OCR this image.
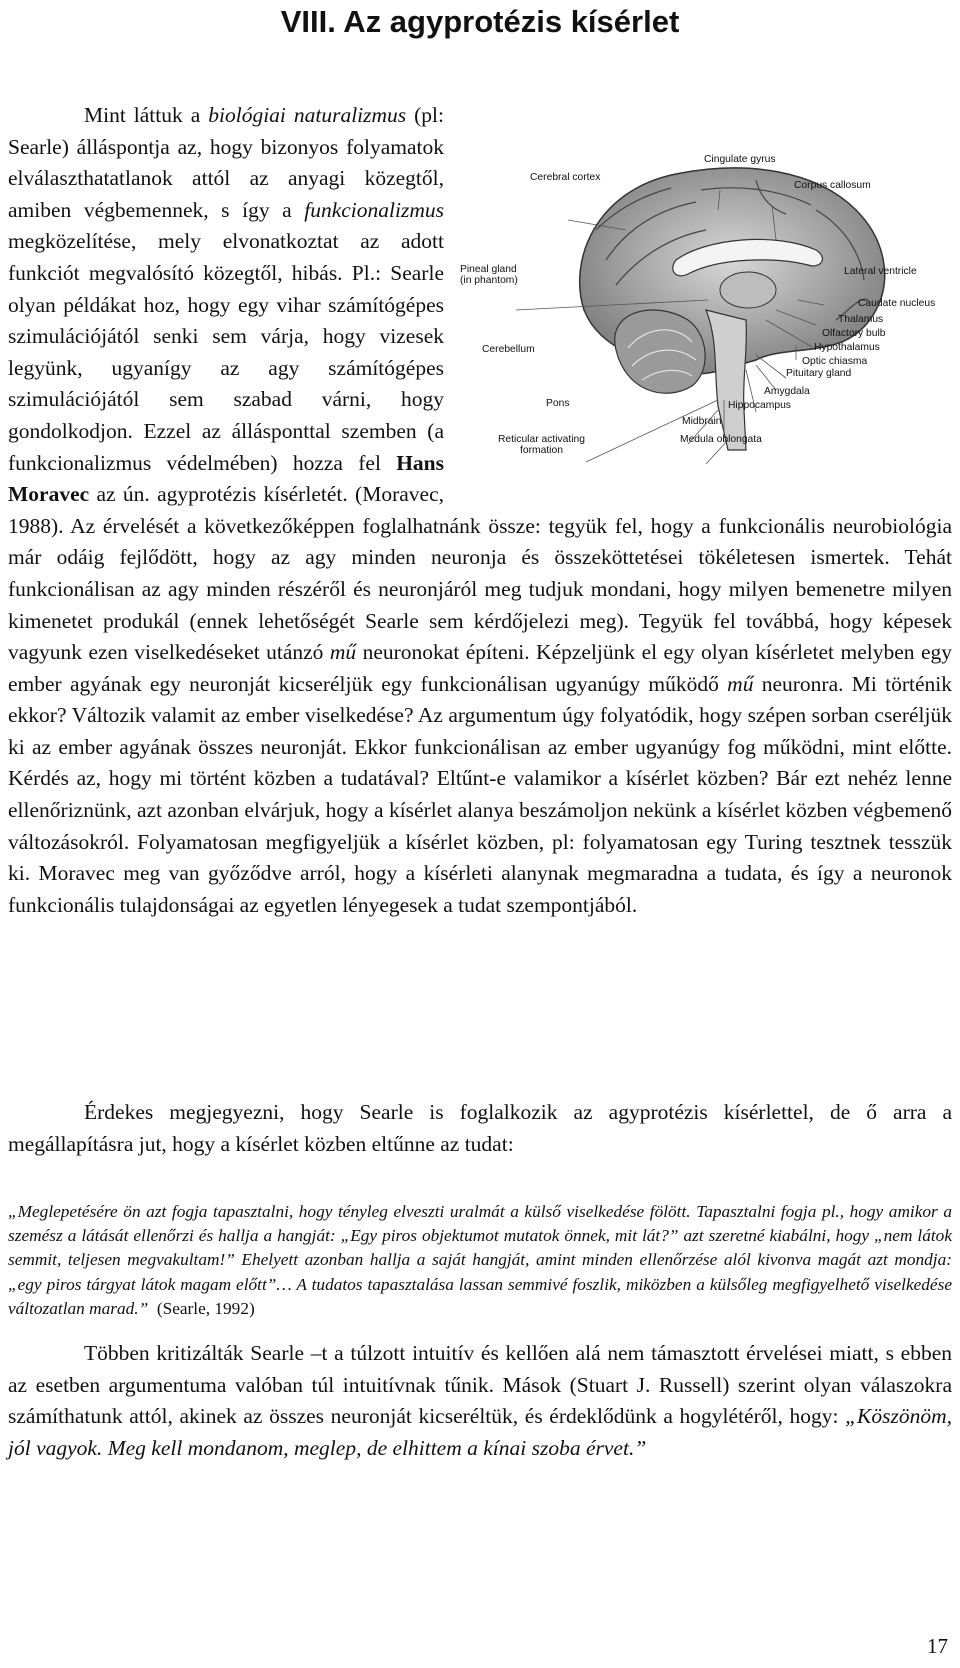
VIII. Az agyprotézis kísérlet
Cingulate gyrus
Cerebral cortex
Corpus callosum
Lateral ventricle
Pineal gland
(in phantom)
Caudate nucleus
Thalamus
Olfactory bulb
Cerebellum	Hypothalamus
Optic chiasma
Pituitary gland
Amygdala
Pons	Hippocampus
Midbrain
Reticular activating
formation
Medula oblongata
Mint láttuk a biológiai naturalizmus (pl: Searle) álláspontja az, hogy bizonyos folyamatok elválaszthatatlanok attól az anyagi közegtől, amiben végbemennek, s így a funkcionalizmus megközelítése, mely elvonatkoztat az adott funkciót megvalósító közegtől, hibás. Pl.: Searle olyan példákat hoz, hogy egy vihar számítógépes szimulációjától senki sem várja, hogy vizesek legyünk, ugyanígy az agy számítógépes szimulációjától sem szabad várni, hogy gondolkodjon. Ezzel az állásponttal szemben (a funkcionalizmus védelmében) hozza fel Hans Moravec az ún. agyprotézis kísérletét. (Moravec, 1988). Az érvelését a következőképpen foglalhatnánk össze: tegyük fel, hogy a funkcionális neurobiológia már odáig fejlődött, hogy az agy minden neuronja és összeköttetései tökéletesen ismertek. Tehát funkcionálisan az agy minden részéről és neuronjáról meg tudjuk mondani, hogy milyen bemenetre milyen kimenetet produkál (ennek lehetőségét Searle sem kérdőjelezi meg). Tegyük fel továbbá, hogy képesek vagyunk ezen viselkedéseket utánzó mű neuronokat építeni. Képzeljünk el egy olyan kísérletet melyben egy ember agyának egy neuronját kicseréljük egy funkcionálisan ugyanúgy működő mű neuronra. Mi történik ekkor? Változik valamit az ember viselkedése? Az argumentum úgy folyatódik, hogy szépen sorban cseréljük ki az ember agyának összes neuronját. Ekkor funkcionálisan az ember ugyanúgy fog működni, mint előtte. Kérdés az, hogy mi történt közben a tudatával? Eltűnt-e valamikor a kísérlet közben? Bár ezt nehéz lenne ellenőriznünk, azt azonban elvárjuk, hogy a kísérlet alanya beszámoljon nekünk a kísérlet közben végbemenő változásokról. Folyamatosan megfigyeljük a kísérlet közben, pl: folyamatosan egy Turing tesztnek tesszük ki. Moravec meg van győződve arról, hogy a kísérleti alanynak megmaradna a tudata, és így a neuronok funkcionális tulajdonságai az egyetlen lényegesek a tudat szempontjából.

Érdekes megjegyezni, hogy Searle is foglalkozik az agyprotézis kísérlettel, de ő arra a megállapításra jut, hogy a kísérlet közben eltűnne az tudat:

„Meglepetésére ön azt fogja tapasztalni, hogy tényleg elveszti uralmát a külső viselkedése fölött. Tapasztalni fogja pl., hogy amikor a szemész a látását ellenőrzi és hallja a hangját: „Egy piros objektumot mutatok önnek, mit lát?” azt szeretné kiabálni, hogy „nem látok semmit, teljesen megvakultam!” Ehelyett azonban hallja a saját hangját, amint minden ellenőrzése alól kivonva magát azt mondja: „egy piros tárgyat látok magam előtt”… A tudatos tapasztalása lassan semmivé foszlik, miközben a külsőleg megfigyelhető viselkedése változatlan marad.” (Searle, 1992)

Többen kritizálták Searle –t a túlzott intuitív és kellően alá nem támasztott érvelései miatt, s ebben az esetben argumentuma valóban túl intuitívnak tűnik. Mások (Stuart J. Russell) szerint olyan válaszokra számíthatunk attól, akinek az összes neuronját kicseréltük, és érdeklődünk a hogylétéről, hogy: „Köszönöm, jól vagyok. Meg kell mondanom, meglep, de elhittem a kínai szoba érvet.”

17
